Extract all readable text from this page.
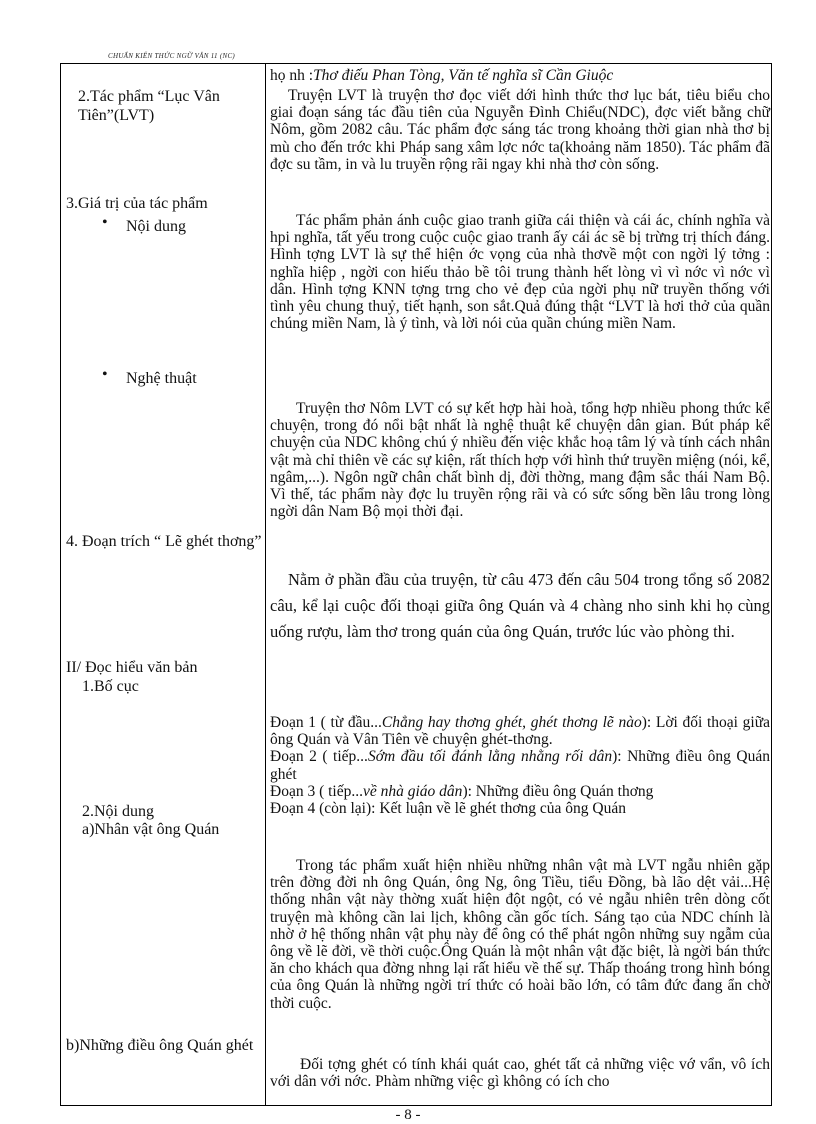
CHUẨN KIẾN THỨC NGỮ VĂN 11 (NC)
2.Tác phẩm “Lục Vân Tiên”(LVT)
3.Giá trị của tác phẩm
• Nội dung
• Nghệ thuật
4. Đoạn trích “ Lẽ ghét thơng”
II/ Đọc hiểu văn bản
1.Bố cục
2.Nội dung
a)Nhân vật ông Quán
b)Những điều ông Quán ghét
họ nh :Thơ điếu Phan Tòng, Văn tế nghĩa sĩ Cần Giuộc
Truyện LVT là truyện thơ đọc viết dới hình thức thơ lục bát, tiêu biểu cho giai đoạn sáng tác đầu tiên của Nguyễn Đình Chiểu(NDC), đợc viết bằng chữ Nôm, gồm 2082 câu. Tác phẩm đợc sáng tác trong khoảng thời gian nhà thơ bị mù cho đến trớc khi Pháp sang xâm lợc nớc ta(khoảng năm 1850). Tác phẩm đã đợc su tầm, in và lu truyền rộng rãi ngay khi nhà thơ còn sống.
Tác phẩm phản ánh cuộc giao tranh giữa cái thiện và cái ác, chính nghĩa và hpi nghĩa, tất yếu trong cuộc cuộc giao tranh ấy cái ác sẽ bị trừng trị thích đáng. Hình tợng LVT là sự thể hiện ớc vọng của nhà thơvề một con ngời lý tởng : nghĩa hiệp , ngời con hiếu thảo bề tôi trung thành hết lòng vì vì nớc vì nớc vì dân. Hình tợng KNN tợng trng cho vẻ đẹp của ngời phụ nữ truyền thống với tình yêu chung thuỷ, tiết hạnh, son sắt.Quả đúng thật “LVT là hơi thở của quần chúng miền Nam, là ý tình, và lời nói của quần chúng miền Nam.
Truyện thơ Nôm LVT có sự kết hợp hài hoà, tổng hợp nhiều phong thức kể chuyện, trong đó nổi bật nhất là nghệ thuật kể chuyện dân gian. Bút pháp kể chuyện của NDC không chú ý nhiều đến việc khắc hoạ tâm lý và tính cách nhân vật mà chỉ thiên về các sự kiện, rất thích hợp với hình thứ truyền miệng (nói, kể, ngâm,...). Ngôn ngữ chân chất bình dị, đời thờng, mang đậm sắc thái Nam Bộ. Vì thế, tác phẩm này đợc lu truyền rộng rãi và có sức sống bền lâu trong lòng ngời dân Nam Bộ mọi thời đại.
Nằm ở phần đầu của truyện, từ câu 473 đến câu 504 trong tổng số 2082 câu, kể lại cuộc đối thoại giữa ông Quán và 4 chàng nho sinh khi họ cùng uống rượu, làm thơ trong quán của ông Quán, trước lúc vào phòng thi.
Đoạn 1 ( từ đầu...Chẳng hay thơng ghét, ghét thơng lẽ nào): Lời đối thoại giữa ông Quán và Vân Tiên về chuyện ghét-thơng.
Đoạn 2 ( tiếp...Sớm đầu tối đánh lằng nhằng rối dân): Những điều ông Quán ghét
Đoạn 3 ( tiếp...về nhà giáo dân): Những điều ông Quán thơng
Đoạn 4 (còn lại): Kết luận về lẽ ghét thơng của ông Quán
Trong tác phẩm xuất hiện nhiều những nhân vật mà LVT ngẫu nhiên gặp trên đờng đời nh ông Quán, ông Ng, ông Tiều, tiểu Đồng, bà lão dệt vải...Hệ thống nhân vật này thờng xuất hiện đột ngột, có vẻ ngẫu nhiên trên dòng cốt truyện mà không cần lai lịch, không cần gốc tích. Sáng tạo của NDC chính là nhờ ở hệ thống nhân vật phụ này để ông có thể phát ngôn những suy ngẫm của ông về lẽ đời, về thời cuộc.Ông Quán là một nhân vật đặc biệt, là ngời bán thức ăn cho khách qua đờng nhng lại rất hiểu về thế sự. Thấp thoáng trong hình bóng của ông Quán là những ngời trí thức có hoài bão lớn, có tâm đức đang ẩn chờ thời cuộc.
Đối tợng ghét có tính khái quát cao, ghét tất cả những việc vớ vẩn, vô ích với dân với nớc. Phàm những việc gì không có ích cho
- 8 -
